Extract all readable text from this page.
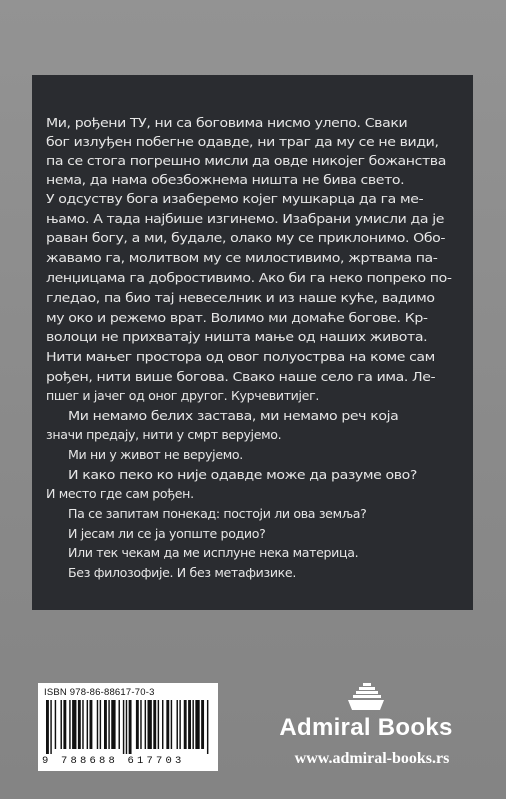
Ми, рођени ТУ, ни са боговима нисмо улепо. Сваки
бог излуђен побегне одавде, ни траг да му се не види,
па се стога погрешно мисли да овде никојег божанства
нема, да нама обезбожнема ништа не бива свето.
У одсуству бога изаберемо којег мушкарца да га ме-
њамо. А тада најбише изгинемо. Изабрани умисли да је
раван богу, а ми, будале, олако му се приклонимо. Обо-
жавамо га, молитвом му се милостивимо, жртвама па-
ленџицама га добростивимо. Ако би га неко попреко по-
гледао, па био тај невеселник и из наше куће, вадимо
му око и режемо врат. Волимо ми домаће богове. Кр-
волоци не прихватају ништа мање од наших живота.
Нити мањег простора од овог полуострва на коме сам
рођен, нити више богова. Свако наше село га има. Ле-
пшег и јачег од оног другог. Курчевитијег.
Ми немамо белих застава, ми немамо реч која
значи предају, нити у смрт верујемо.
Ми ни у живот не верујемо.
И како пеко ко није одавде може да разуме ово?
И место где сам рођен.
Па се запитам понекад: постоји ли ова земља?
И јесам ли се ја уопште родио?
Или тек чекам да ме исплуне нека материца.
Без филозофије. И без метафизике.
ISBN 978-86-88617-70-3
9 788688 617703
Admiral Books
www.admiral-books.rs
